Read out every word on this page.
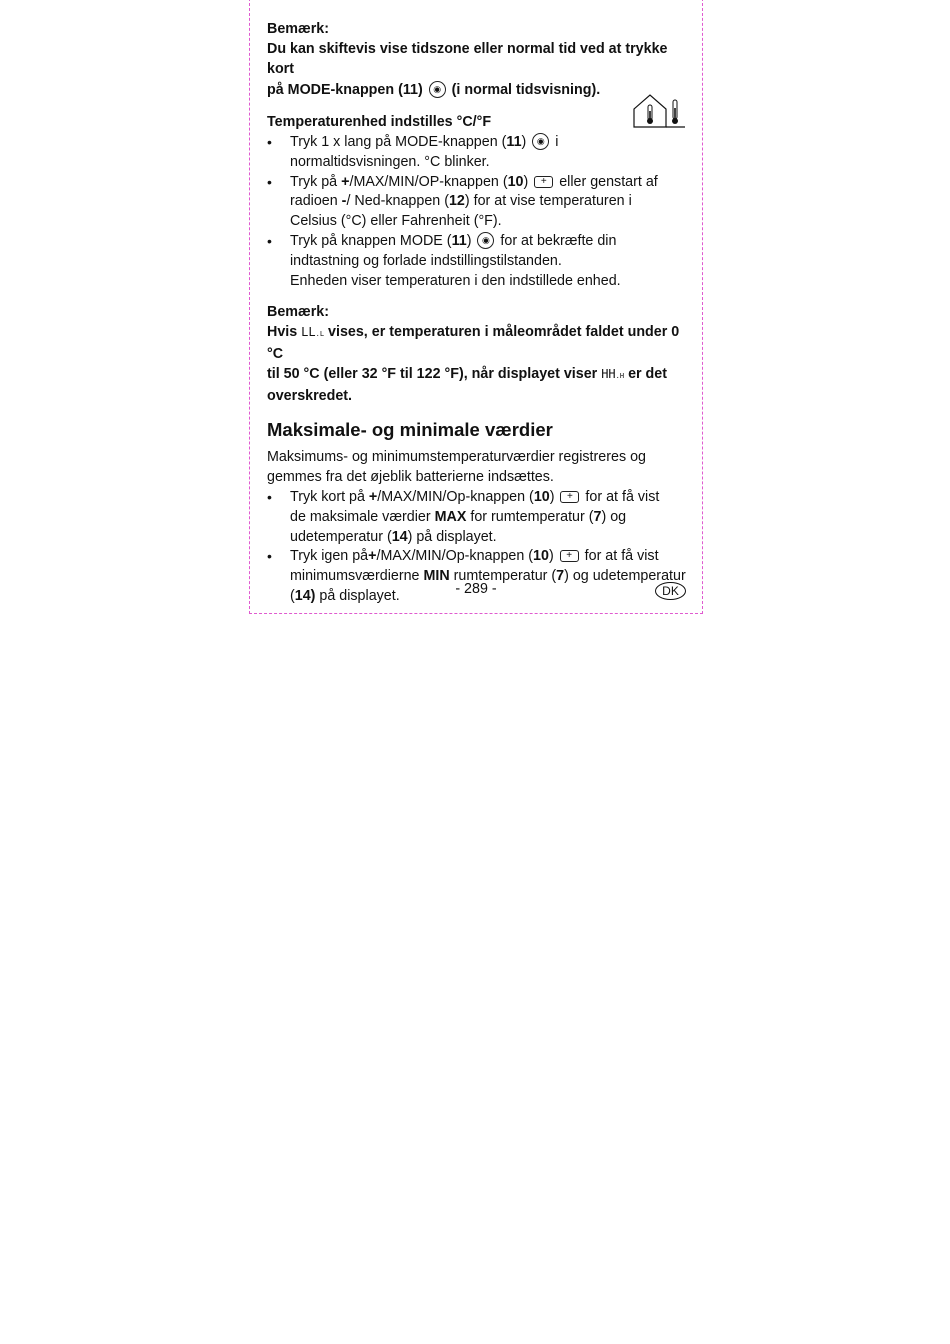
Bemærk:

Du kan skiftevis vise tidszone eller normal tid ved at trykke kort

på MODE-knappen (11) ◉ (i normal tidsvisning).

Temperaturenhed indstilles °C/°F

• Tryk 1 x lang på MODE-knappen (11) ◉ i
normaltidsvisningen. °C blinker.
• Tryk på +/MAX/MIN/OP-knappen (10) + eller genstart af
radioen -/ Ned-knappen (12) for at vise temperaturen i
Celsius (°C) eller Fahrenheit (°F).
• Tryk på knappen MODE (11) ◉ for at bekræfte din
indtastning og forlade indstillingstilstanden.
Enheden viser temperaturen i den indstillede enhed.

Bemærk:

Hvis LL.L vises, er temperaturen i måleområdet faldet under 0 °C
til 50 °C (eller 32 °F til 122 °F), når displayet viser HH.H er det
overskredet.

Maksimale- og minimale værdier

Maksimums- og minimumstemperaturværdier registreres og
gemmes fra det øjeblik batterierne indsættes.

• Tryk kort på +/MAX/MIN/Op-knappen (10) + for at få vist
de maksimale værdier MAX for rumtemperatur (7) og
udetemperatur (14) på displayet.
• Tryk igen på+/MAX/MIN/Op-knappen (10) + for at få vist
minimumsværdierne MIN rumtemperatur (7) og udetemperatur
(14) på displayet.	- 289 -	DK
